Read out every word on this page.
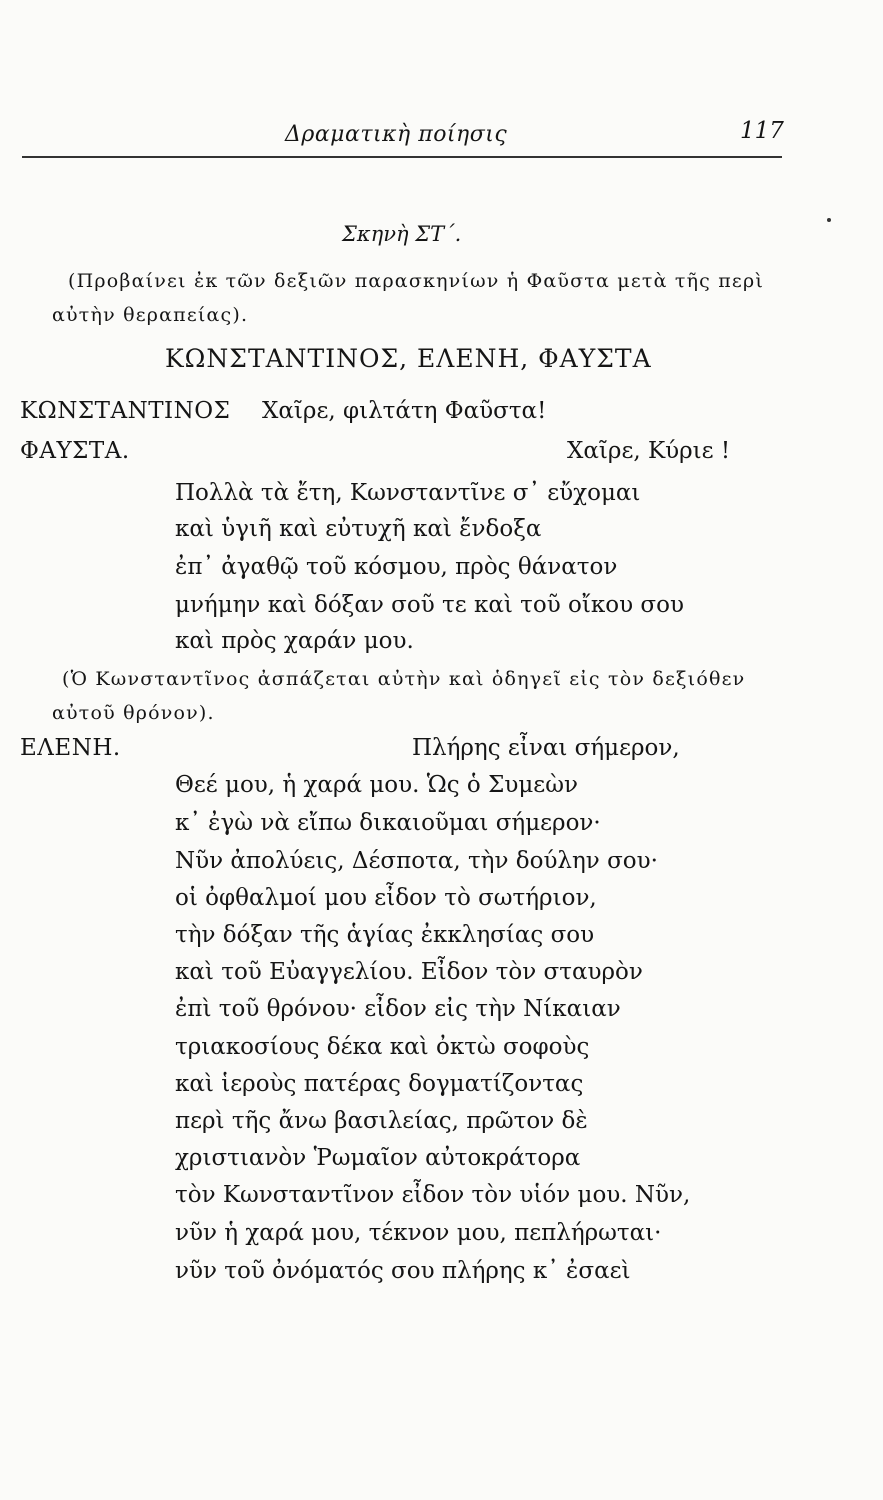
Δραματικὴ ποίησις	117
Σκηνὴ ΣΤ΄.
(Προβαίνει ἐκ τῶν δεξιῶν παρασκηνίων ἡ Φαῦστα μετὰ τῆς περὶ
αὐτὴν θεραπείας).
ΚΩΝΣΤΑΝΤΙΝΟΣ, ΕΛΕΝΗ, ΦΑΥΣΤΑ
ΚΩΝΣΤΑΝΤΙΝΟΣ Χαῖρε, φιλτάτη Φαῦστα!
ΦΑΥΣΤΑ.	Χαῖρε, Κύριε !
Πολλὰ τὰ ἔτη, Κωνσταντῖνε σ᾽ εὔχομαι
καὶ ὑγιῆ καὶ εὐτυχῆ καὶ ἔνδοξα
ἐπ᾽ ἀγαθῷ τοῦ κόσμου, πρὸς θάνατον
μνήμην καὶ δόξαν σοῦ τε καὶ τοῦ οἴκου σου
καὶ πρὸς χαράν μου.
(Ὁ Κωνσταντῖνος ἀσπάζεται αὐτὴν καὶ ὁδηγεῖ εἰς τὸν δεξιόθεν
αὐτοῦ θρόνον).
ΕΛΕΝΗ.	Πλήρης εἶναι σήμερον,
Θεέ μου, ἡ χαρά μου. Ὡς ὁ Συμεὼν
κ᾽ ἐγὼ νὰ εἴπω δικαιοῦμαι σήμερον·
Νῦν ἀπολύεις, Δέσποτα, τὴν δούλην σου·
οἱ ὀφθαλμοί μου εἶδον τὸ σωτήριον,
τὴν δόξαν τῆς ἁγίας ἐκκλησίας σου
καὶ τοῦ Εὐαγγελίου. Εἶδον τὸν σταυρὸν
ἐπὶ τοῦ θρόνου· εἶδον εἰς τὴν Νίκαιαν
τριακοσίους δέκα καὶ ὀκτὼ σοφοὺς
καὶ ἱεροὺς πατέρας δογματίζοντας
περὶ τῆς ἄνω βασιλείας, πρῶτον δὲ
χριστιανὸν Ῥωμαῖον αὐτοκράτορα
τὸν Κωνσταντῖνον εἶδον τὸν υἱόν μου. Νῦν,
νῦν ἡ χαρά μου, τέκνον μου, πεπλήρωται·
νῦν τοῦ ὀνόματός σου πλήρης κ᾽ ἐσαεὶ
